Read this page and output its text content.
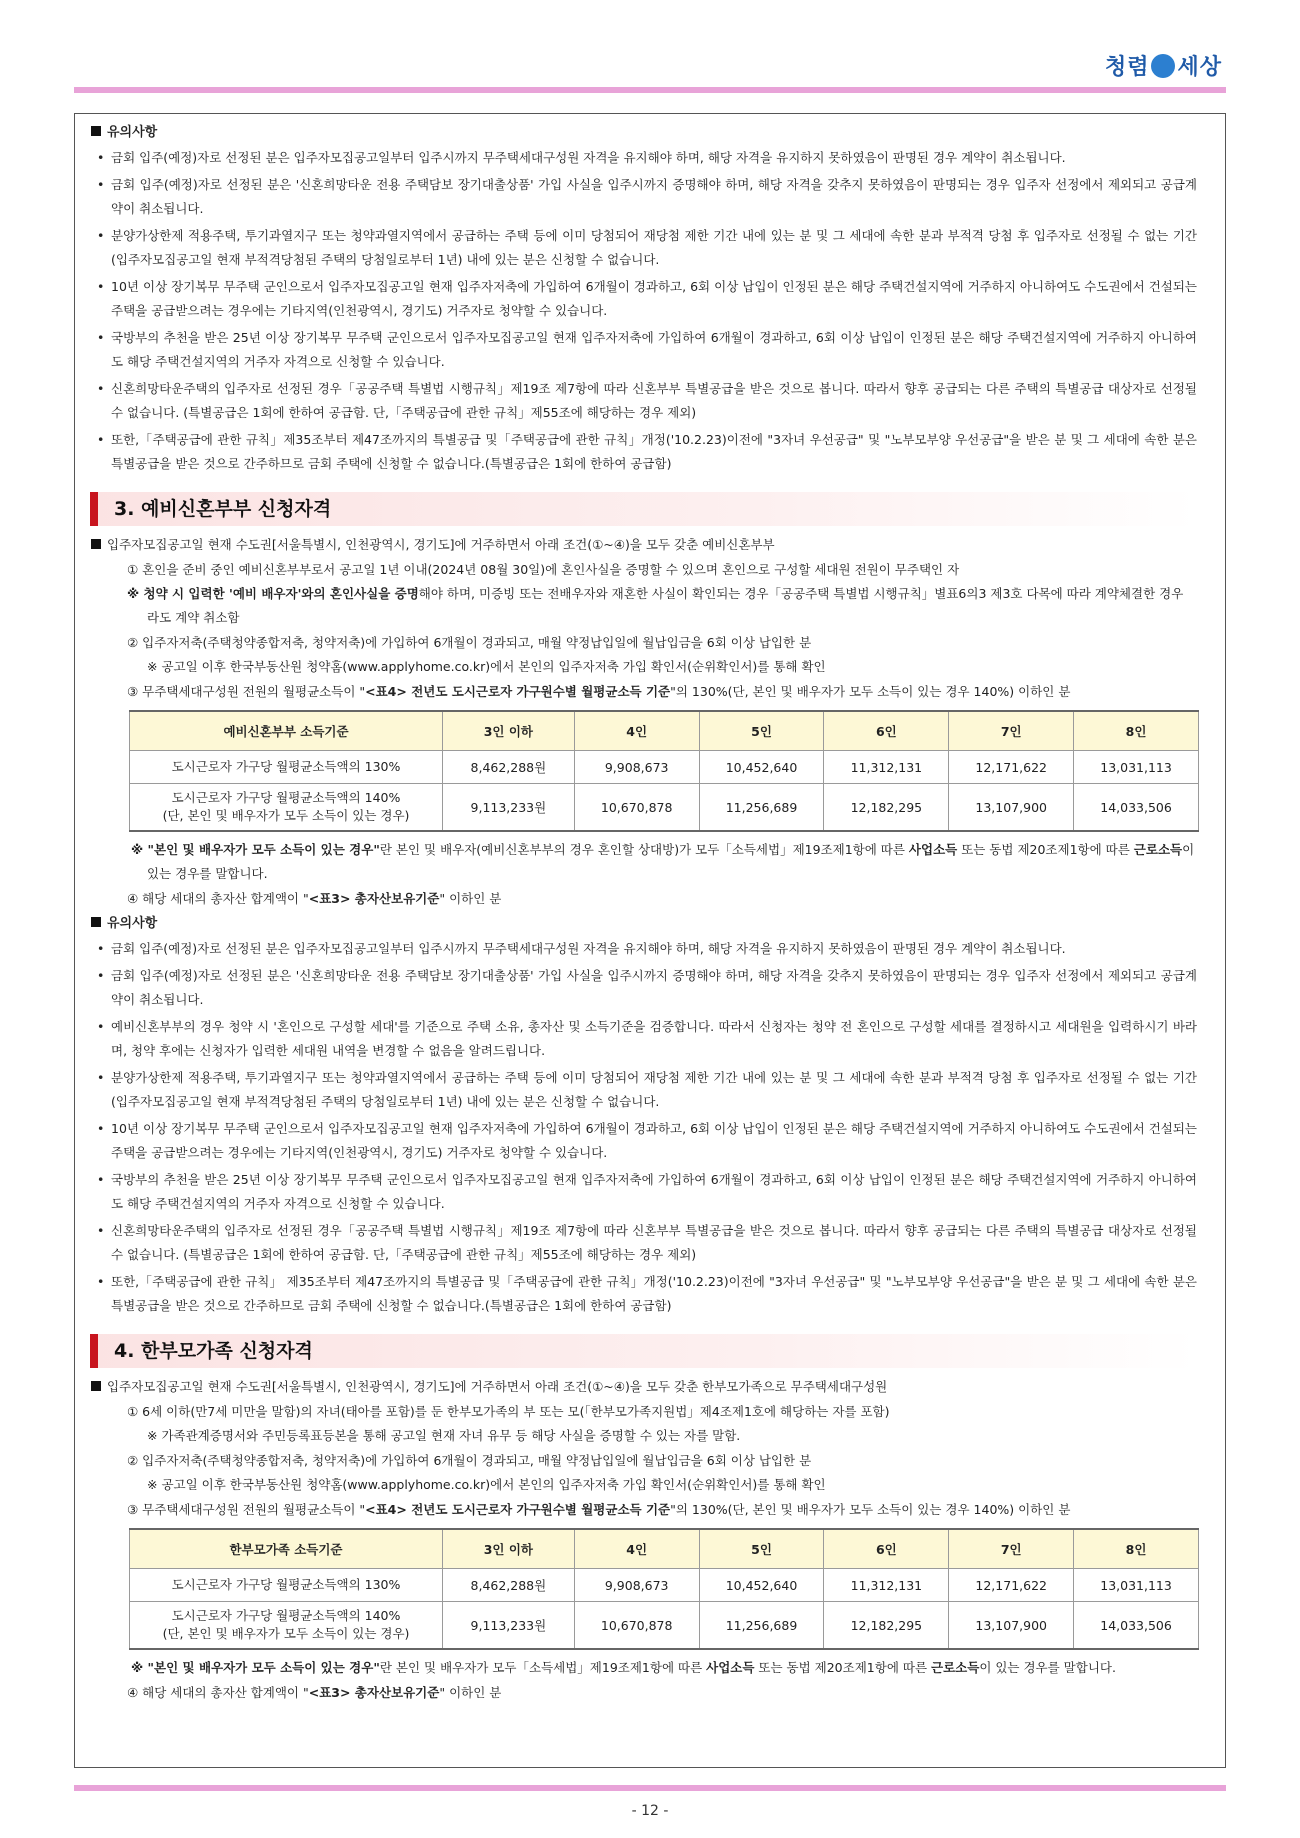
청렴 세상
유의사항
• 금회 입주(예정)자로 선정된 분은 입주자모집공고일부터 입주시까지 무주택세대구성원 자격을 유지해야 하며, 해당 자격을 유지하지 못하였음이 판명된 경우 계약이 취소됩니다.
• 금회 입주(예정)자로 선정된 분은 '신혼희망타운 전용 주택담보 장기대출상품' 가입 사실을 입주시까지 증명해야 하며, 해당 자격을 갖추지 못하였음이 판명되는 경우 입주자 선정에서 제외되고 공급계약이 취소됩니다.
• 분양가상한제 적용주택, 투기과열지구 또는 청약과열지역에서 공급하는 주택 등에 이미 당첨되어 재당첨 제한 기간 내에 있는 분 및 그 세대에 속한 분과 부적격 당첨 후 입주자로 선정될 수 없는 기간(입주자모집공고일 현재 부적격당첨된 주택의 당첨일로부터 1년) 내에 있는 분은 신청할 수 없습니다.
• 10년 이상 장기복무 무주택 군인으로서 입주자모집공고일 현재 입주자저축에 가입하여 6개월이 경과하고, 6회 이상 납입이 인정된 분은 해당 주택건설지역에 거주하지 아니하여도 수도권에서 건설되는 주택을 공급받으려는 경우에는 기타지역(인천광역시, 경기도) 거주자로 청약할 수 있습니다.
• 국방부의 추천을 받은 25년 이상 장기복무 무주택 군인으로서 입주자모집공고일 현재 입주자저축에 가입하여 6개월이 경과하고, 6회 이상 납입이 인정된 분은 해당 주택건설지역에 거주하지 아니하여도 해당 주택건설지역의 거주자 자격으로 신청할 수 있습니다.
• 신혼희망타운주택의 입주자로 선정된 경우「공공주택 특별법 시행규칙」제19조 제7항에 따라 신혼부부 특별공급을 받은 것으로 봅니다. 따라서 향후 공급되는 다른 주택의 특별공급 대상자로 선정될 수 없습니다. (특별공급은 1회에 한하여 공급함. 단,「주택공급에 관한 규칙」제55조에 해당하는 경우 제외)
• 또한,「주택공급에 관한 규칙」제35조부터 제47조까지의 특별공급 및「주택공급에 관한 규칙」개정('10.2.23)이전에 "3자녀 우선공급" 및 "노부모부양 우선공급"을 받은 분 및 그 세대에 속한 분은 특별공급을 받은 것으로 간주하므로 금회 주택에 신청할 수 없습니다.(특별공급은 1회에 한하여 공급함)
3. 예비신혼부부 신청자격
입주자모집공고일 현재 수도권[서울특별시, 인천광역시, 경기도]에 거주하면서 아래 조건(①~④)을 모두 갖춘 예비신혼부부
① 혼인을 준비 중인 예비신혼부부로서 공고일 1년 이내(2024년 08월 30일)에 혼인사실을 증명할 수 있으며 혼인으로 구성할 세대원 전원이 무주택인 자
※ 청약 시 입력한 '예비 배우자'와의 혼인사실을 증명해야 하며, 미증빙 또는 전배우자와 재혼한 사실이 확인되는 경우「공공주택 특별법 시행규칙」별표6의3 제3호 다목에 따라 계약체결한 경우라도 계약 취소함
② 입주자저축(주택청약종합저축, 청약저축)에 가입하여 6개월이 경과되고, 매월 약정납입일에 월납입금을 6회 이상 납입한 분
※ 공고일 이후 한국부동산원 청약홈(www.applyhome.co.kr)에서 본인의 입주자저축 가입 확인서(순위확인서)를 통해 확인
③ 무주택세대구성원 전원의 월평균소득이 "<표4> 전년도 도시근로자 가구원수별 월평균소득 기준"의 130%(단, 본인 및 배우자가 모두 소득이 있는 경우 140%) 이하인 분
예비신혼부부 소득기준	3인 이하	4인	5인	6인	7인	8인
도시근로자 가구당 월평균소득액의 130%	8,462,288원	9,908,673	10,452,640	11,312,131	12,171,622	13,031,113
도시근로자 가구당 월평균소득액의 140%
(단, 본인 및 배우자가 모두 소득이 있는 경우)	9,113,233원	10,670,878	11,256,689	12,182,295	13,107,900	14,033,506
※ "본인 및 배우자가 모두 소득이 있는 경우"란 본인 및 배우자(예비신혼부부의 경우 혼인할 상대방)가 모두「소득세법」제19조제1항에 따른 사업소득 또는 동법 제20조제1항에 따른 근로소득이 있는 경우를 말합니다.
④ 해당 세대의 총자산 합계액이 "<표3> 총자산보유기준" 이하인 분
유의사항
• 금회 입주(예정)자로 선정된 분은 입주자모집공고일부터 입주시까지 무주택세대구성원 자격을 유지해야 하며, 해당 자격을 유지하지 못하였음이 판명된 경우 계약이 취소됩니다.
• 금회 입주(예정)자로 선정된 분은 '신혼희망타운 전용 주택담보 장기대출상품' 가입 사실을 입주시까지 증명해야 하며, 해당 자격을 갖추지 못하였음이 판명되는 경우 입주자 선정에서 제외되고 공급계약이 취소됩니다.
• 예비신혼부부의 경우 청약 시 '혼인으로 구성할 세대'를 기준으로 주택 소유, 총자산 및 소득기준을 검증합니다. 따라서 신청자는 청약 전 혼인으로 구성할 세대를 결정하시고 세대원을 입력하시기 바라며, 청약 후에는 신청자가 입력한 세대원 내역을 변경할 수 없음을 알려드립니다.
• 분양가상한제 적용주택, 투기과열지구 또는 청약과열지역에서 공급하는 주택 등에 이미 당첨되어 재당첨 제한 기간 내에 있는 분 및 그 세대에 속한 분과 부적격 당첨 후 입주자로 선정될 수 없는 기간(입주자모집공고일 현재 부적격당첨된 주택의 당첨일로부터 1년) 내에 있는 분은 신청할 수 없습니다.
• 10년 이상 장기복무 무주택 군인으로서 입주자모집공고일 현재 입주자저축에 가입하여 6개월이 경과하고, 6회 이상 납입이 인정된 분은 해당 주택건설지역에 거주하지 아니하여도 수도권에서 건설되는 주택을 공급받으려는 경우에는 기타지역(인천광역시, 경기도) 거주자로 청약할 수 있습니다.
• 국방부의 추천을 받은 25년 이상 장기복무 무주택 군인으로서 입주자모집공고일 현재 입주자저축에 가입하여 6개월이 경과하고, 6회 이상 납입이 인정된 분은 해당 주택건설지역에 거주하지 아니하여도 해당 주택건설지역의 거주자 자격으로 신청할 수 있습니다.
• 신혼희망타운주택의 입주자로 선정된 경우「공공주택 특별법 시행규칙」제19조 제7항에 따라 신혼부부 특별공급을 받은 것으로 봅니다. 따라서 향후 공급되는 다른 주택의 특별공급 대상자로 선정될 수 없습니다. (특별공급은 1회에 한하여 공급함. 단,「주택공급에 관한 규칙」제55조에 해당하는 경우 제외)
• 또한,「주택공급에 관한 규칙」 제35조부터 제47조까지의 특별공급 및「주택공급에 관한 규칙」개정('10.2.23)이전에 "3자녀 우선공급" 및 "노부모부양 우선공급"을 받은 분 및 그 세대에 속한 분은 특별공급을 받은 것으로 간주하므로 금회 주택에 신청할 수 없습니다.(특별공급은 1회에 한하여 공급함)
4. 한부모가족 신청자격
입주자모집공고일 현재 수도권[서울특별시, 인천광역시, 경기도]에 거주하면서 아래 조건(①~④)을 모두 갖춘 한부모가족으로 무주택세대구성원
① 6세 이하(만7세 미만을 말함)의 자녀(태아를 포함)를 둔 한부모가족의 부 또는 모(「한부모가족지원법」제4조제1호에 해당하는 자를 포함)
※ 가족관계증명서와 주민등록표등본을 통해 공고일 현재 자녀 유무 등 해당 사실을 증명할 수 있는 자를 말함.
② 입주자저축(주택청약종합저축, 청약저축)에 가입하여 6개월이 경과되고, 매월 약정납입일에 월납입금을 6회 이상 납입한 분
※ 공고일 이후 한국부동산원 청약홈(www.applyhome.co.kr)에서 본인의 입주자저축 가입 확인서(순위확인서)를 통해 확인
③ 무주택세대구성원 전원의 월평균소득이 "<표4> 전년도 도시근로자 가구원수별 월평균소득 기준"의 130%(단, 본인 및 배우자가 모두 소득이 있는 경우 140%) 이하인 분
한부모가족 소득기준	3인 이하	4인	5인	6인	7인	8인
도시근로자 가구당 월평균소득액의 130%	8,462,288원	9,908,673	10,452,640	11,312,131	12,171,622	13,031,113
도시근로자 가구당 월평균소득액의 140%
(단, 본인 및 배우자가 모두 소득이 있는 경우)	9,113,233원	10,670,878	11,256,689	12,182,295	13,107,900	14,033,506
※ "본인 및 배우자가 모두 소득이 있는 경우"란 본인 및 배우자가 모두「소득세법」제19조제1항에 따른 사업소득 또는 동법 제20조제1항에 따른 근로소득이 있는 경우를 말합니다.
④ 해당 세대의 총자산 합계액이 "<표3> 총자산보유기준" 이하인 분
- 12 -
